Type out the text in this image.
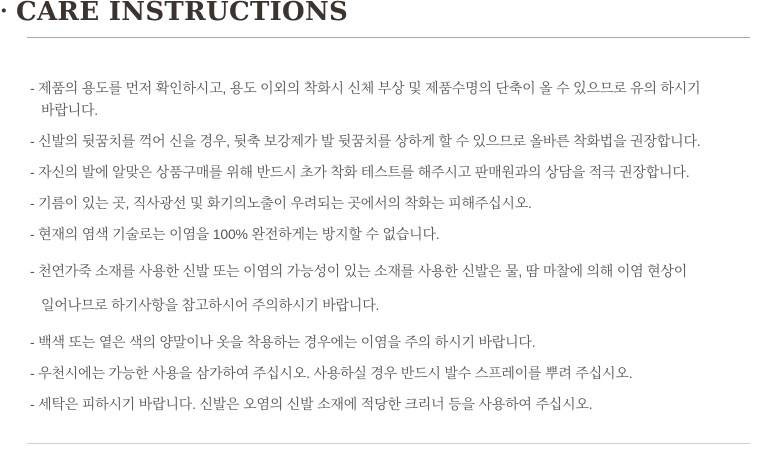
· CARE INSTRUCTIONS

- 제품의 용도를 먼저 확인하시고, 용도 이외의 착화시 신체 부상 및 제품수명의 단축이 올 수 있으므로 유의 하시기 바랍니다.

- 신발의 뒷꿈치를 꺽어 신을 경우, 뒷축 보강제가 발 뒷꿈치를 상하게 할 수 있으므로 올바른 착화법을 권장합니다.

- 자신의 발에 알맞은 상품구매를 위해 반드시 초가 착화 테스트를 해주시고 판매원과의 상담을 적극 권장합니다.

- 기름이 있는 곳, 직사광선 및 화기의노출이 우려되는 곳에서의 착화는 피해주십시오.

- 현재의 염색 기술로는 이염을 100% 완전하게는 방지할 수 없습니다.

- 천연가죽 소재를 사용한 신발 또는 이염의 가능성이 있는 소재를 사용한 신발은 물, 땀 마찰에 의해 이염 현상이 일어나므로 하기사항을 참고하시어 주의하시기 바랍니다.

- 백색 또는 옅은 색의 양말이나 옷을 착용하는 경우에는 이염을 주의 하시기 바랍니다.

- 우천시에는 가능한 사용을 삼가하여 주십시오. 사용하실 경우 반드시 발수 스프레이를 뿌려 주십시오.

- 세탁은 피하시기 바랍니다. 신발은 오염의 신발 소재에 적당한 크리너 등을 사용하여 주십시오.
